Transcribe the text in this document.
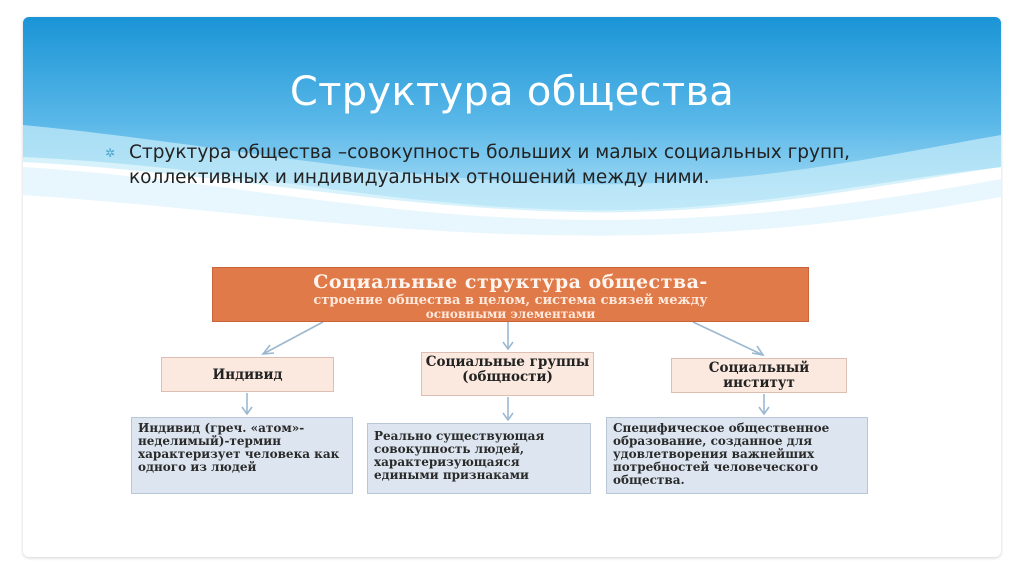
Структура общества
✲ Структура общества –совокупность больших и малых социальных групп, коллективных и индивидуальных отношений между ними.
Социальные структура общества-
строение общества в целом, система связей между
основными элементами
Индивид
Социальные группы (общности)
Социальный институт
Индивид (греч. «атом»- неделимый)-термин характеризует человека как одного из людей
Реально существующая совокупность людей, характеризующаяся едиными признаками
Специфическое общественное образование, созданное для удовлетворения важнейших потребностей человеческого общества.
